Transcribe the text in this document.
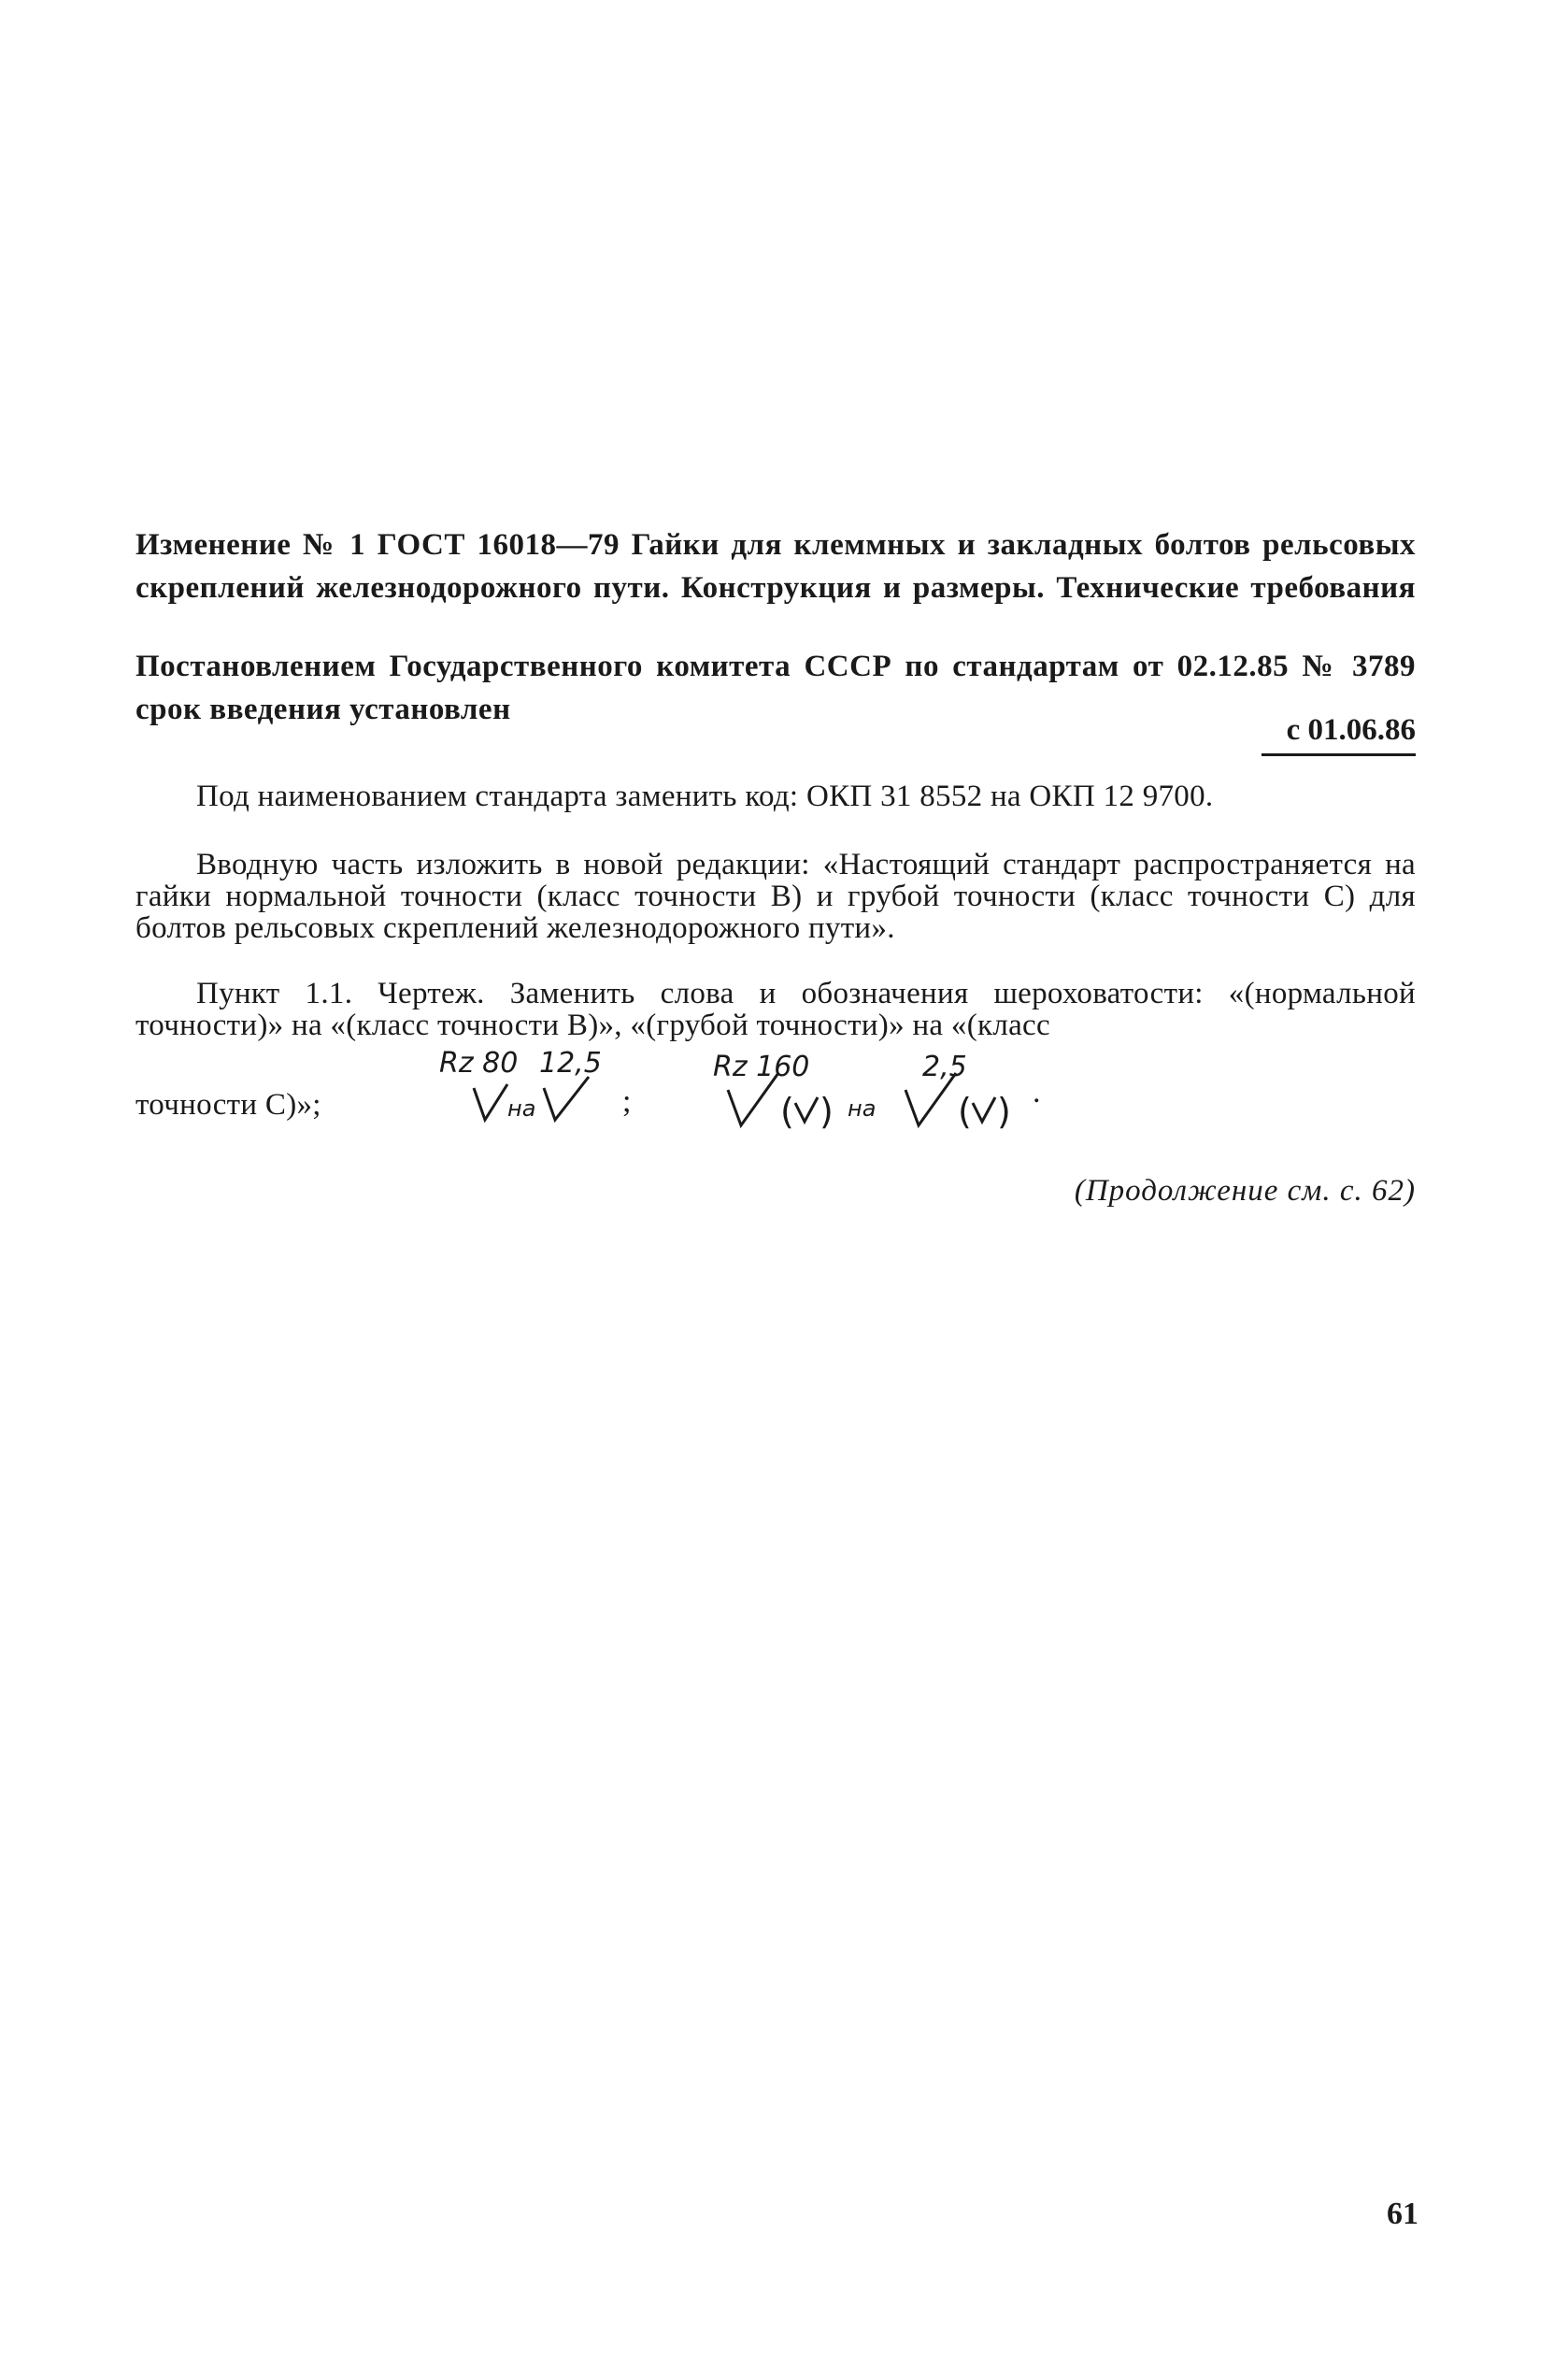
Изменение № 1 ГОСТ 16018—79 Гайки для клеммных и закладных болтов рельсовых скреплений железнодорожного пути. Конструкция и размеры. Технические требования
Постановлением Государственного комитета СССР по стандартам от 02.12.85 № 3789 срок введения установлен
с 01.06.86

Под наименованием стандарта заменить код: ОКП 31 8552 на ОКП 12 9700.

Вводную часть изложить в новой редакции: «Настоящий стандарт распространяется на гайки нормальной точности (класс точности В) и грубой точности (класс точности С) для болтов рельсовых скреплений железнодорожного пути».

Пункт 1.1. Чертеж. Заменить слова и обозначения шероховатости: «(нормальной точности)» на «(класс точности В)», «(грубой точности)» на «(класс

точности С)»;
Rz 80
на
12,5
;
Rz 160
( ) на
2,5
( ) .
(Продолжение см. с. 62)
61
